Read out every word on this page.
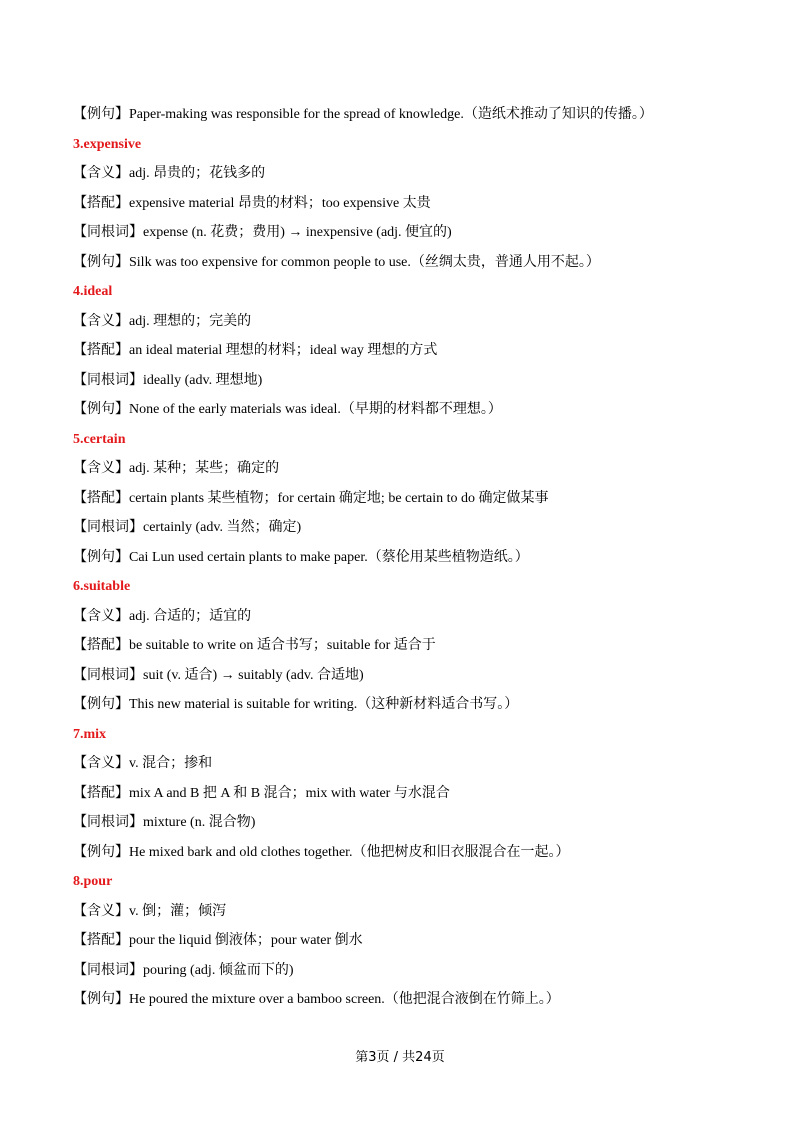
【例句】Paper-making was responsible for the spread of knowledge.（造纸术推动了知识的传播。）
3.expensive
【含义】adj. 昂贵的；花钱多的
【搭配】expensive material 昂贵的材料；too expensive 太贵
【同根词】expense (n. 花费；费用) → inexpensive (adj. 便宜的)
【例句】Silk was too expensive for common people to use.（丝绸太贵，普通人用不起。）
4.ideal
【含义】adj. 理想的；完美的
【搭配】an ideal material 理想的材料；ideal way 理想的方式
【同根词】ideally (adv. 理想地)
【例句】None of the early materials was ideal.（早期的材料都不理想。）
5.certain
【含义】adj. 某种；某些；确定的
【搭配】certain plants 某些植物；for certain 确定地; be certain to do 确定做某事
【同根词】certainly (adv. 当然；确定)
【例句】Cai Lun used certain plants to make paper.（蔡伦用某些植物造纸。）
6.suitable
【含义】adj. 合适的；适宜的
【搭配】be suitable to write on 适合书写；suitable for 适合于
【同根词】suit (v. 适合) → suitably (adv. 合适地)
【例句】This new material is suitable for writing.（这种新材料适合书写。）
7.mix
【含义】v. 混合；掺和
【搭配】mix A and B 把 A 和 B 混合；mix with water 与水混合
【同根词】mixture (n. 混合物)
【例句】He mixed bark and old clothes together.（他把树皮和旧衣服混合在一起。）
8.pour
【含义】v. 倒；灌；倾泻
【搭配】pour the liquid 倒液体；pour water 倒水
【同根词】pouring (adj. 倾盆而下的)
【例句】He poured the mixture over a bamboo screen.（他把混合液倒在竹筛上。）
第3页 / 共24页
